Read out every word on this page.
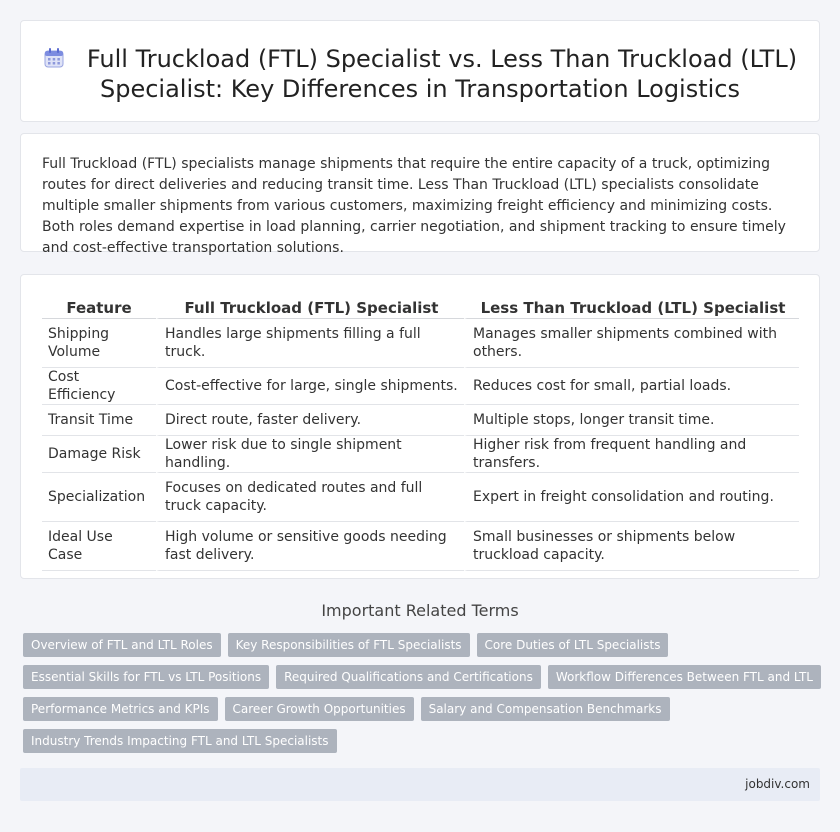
Full Truckload (FTL) Specialist vs. Less Than Truckload (LTL)
Specialist: Key Differences in Transportation Logistics

Full Truckload (FTL) specialists manage shipments that require the entire capacity of a truck, optimizing routes for direct deliveries and reducing transit time. Less Than Truckload (LTL) specialists consolidate multiple smaller shipments from various customers, maximizing freight efficiency and minimizing costs. Both roles demand expertise in load planning, carrier negotiation, and shipment tracking to ensure timely and cost-effective transportation solutions.

Feature	Full Truckload (FTL) Specialist	Less Than Truckload (LTL) Specialist
Shipping Volume	Handles large shipments filling a full truck.	Manages smaller shipments combined with others.
Cost Efficiency	Cost-effective for large, single shipments.	Reduces cost for small, partial loads.
Transit Time	Direct route, faster delivery.	Multiple stops, longer transit time.
Damage Risk	Lower risk due to single shipment handling.	Higher risk from frequent handling and transfers.
Specialization	Focuses on dedicated routes and full truck capacity.	Expert in freight consolidation and routing.
Ideal Use Case	High volume or sensitive goods needing fast delivery.	Small businesses or shipments below truckload capacity.
Important Related Terms
Overview of FTL and LTL Roles	Key Responsibilities of FTL Specialists	Core Duties of LTL Specialists
Essential Skills for FTL vs LTL Positions	Required Qualifications and Certifications	Workflow Differences Between FTL and LTL
Performance Metrics and KPIs	Career Growth Opportunities	Salary and Compensation Benchmarks
Industry Trends Impacting FTL and LTL Specialists
jobdiv.com
